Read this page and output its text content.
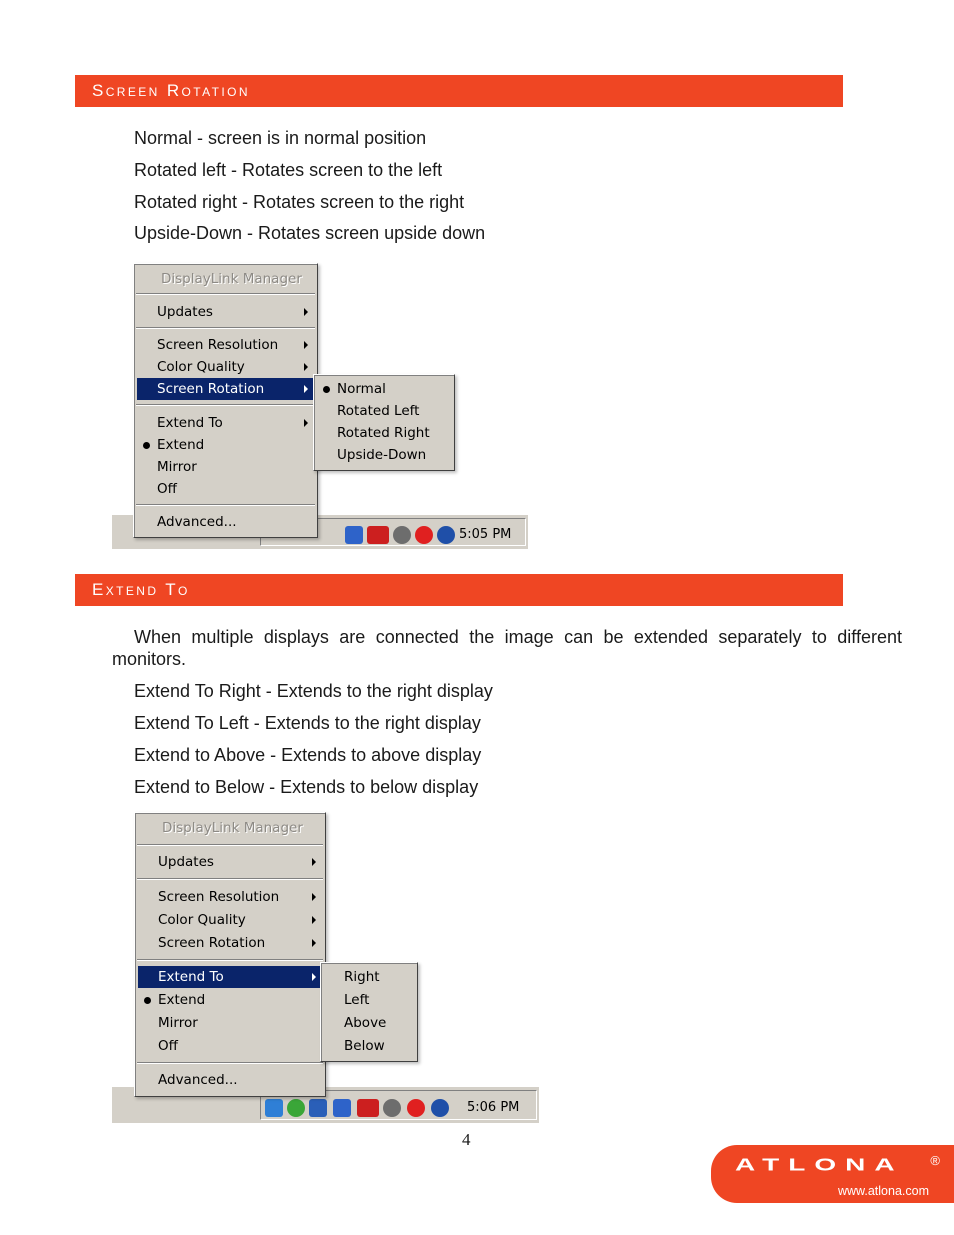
Screen Rotation
Normal - screen is in normal position
Rotated left - Rotates screen to the left
Rotated right - Rotates screen to the right
Upside-Down - Rotates screen upside down
5:05 PM
DisplayLink Manager
Updates
Screen Resolution
Color Quality
Screen Rotation
Extend To
Extend
Mirror
Off
Advanced...
Normal
Rotated Left
Rotated Right
Upside-Down
Extend To
When multiple displays are connected the image can be extended separately to different monitors.
Extend To Right - Extends to the right display
Extend To Left - Extends to the right display
Extend to Above - Extends to above display
Extend to Below - Extends to below display
5:06 PM
DisplayLink Manager
Updates
Screen Resolution
Color Quality
Screen Rotation
Extend To
Extend
Mirror
Off
Advanced...
Right
Left
Above
Below
4
ATLONA ®
www.atlona.com
